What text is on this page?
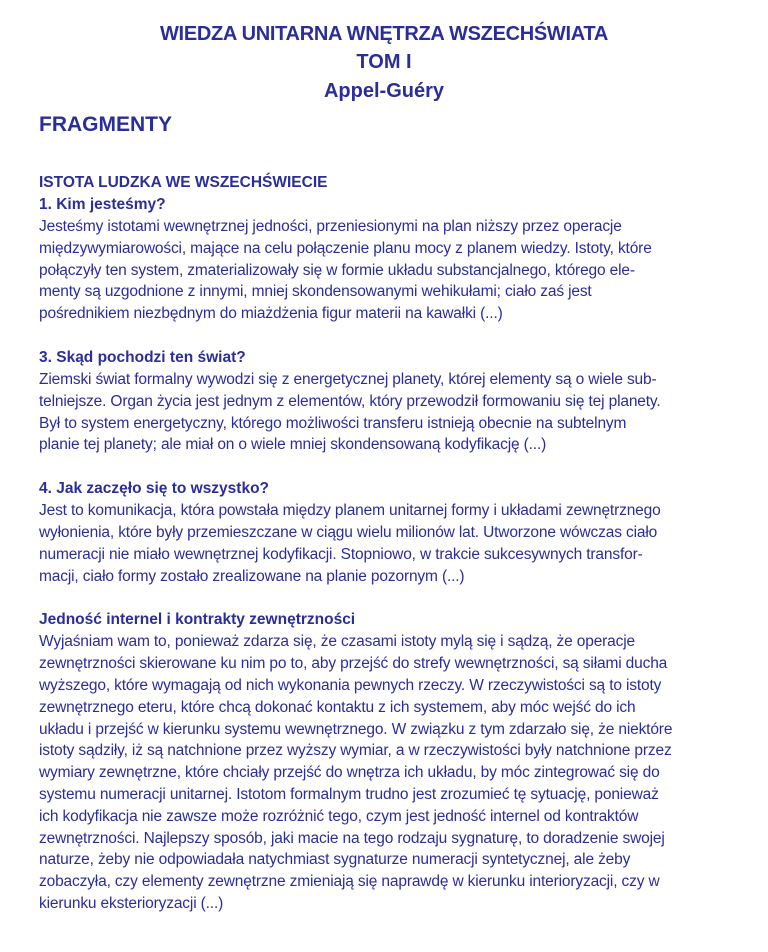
WIEDZA UNITARNA WNĘTRZA WSZECHŚWIATA
TOM I
Appel-Guéry
FRAGMENTY
ISTOTA LUDZKA WE WSZECHŚWIECIE
1. Kim jesteśmy?
Jesteśmy istotami wewnętrznej jedności, przeniesionymi na plan niższy przez operacje
międzywymiarowości, mające na celu połączenie planu mocy z planem wiedzy. Istoty, które
połączyły ten system, zmaterializowały się w formie układu substancjalnego, którego ele-
menty są uzgodnione z innymi, mniej skondensowanymi wehikułami; ciało zaś jest
pośrednikiem niezbędnym do miażdżenia figur materii na kawałki (...)
3. Skąd pochodzi ten świat?
Ziemski świat formalny wywodzi się z energetycznej planety, której elementy są o wiele sub-
telniejsze. Organ życia jest jednym z elementów, który przewodził formowaniu się tej planety.
Był to system energetyczny, którego możliwości transferu istnieją obecnie na subtelnym
planie tej planety; ale miał on o wiele mniej skondensowaną kodyfikację (...)
4. Jak zaczęło się to wszystko?
Jest to komunikacja, która powstała między planem unitarnej formy i układami zewnętrznego
wyłonienia, które były przemieszczane w ciągu wielu milionów lat. Utworzone wówczas ciało
numeracji nie miało wewnętrznej kodyfikacji. Stopniowo, w trakcie sukcesywnych transfor-
macji, ciało formy zostało zrealizowane na planie pozornym (...)
Jedność internel i kontrakty zewnętrzności
Wyjaśniam wam to, ponieważ zdarza się, że czasami istoty mylą się i sądzą, że operacje
zewnętrzności skierowane ku nim po to, aby przejść do strefy wewnętrzności, są siłami ducha
wyższego, które wymagają od nich wykonania pewnych rzeczy. W rzeczywistości są to istoty
zewnętrznego eteru, które chcą dokonać kontaktu z ich systemem, aby móc wejść do ich
układu i przejść w kierunku systemu wewnętrznego. W związku z tym zdarzało się, że niektóre
istoty sądziły, iż są natchnione przez wyższy wymiar, a w rzeczywistości były natchnione przez
wymiary zewnętrzne, które chciały przejść do wnętrza ich układu, by móc zintegrować się do
systemu numeracji unitarnej. Istotom formalnym trudno jest zrozumieć tę sytuację, ponieważ
ich kodyfikacja nie zawsze może rozróżnić tego, czym jest jedność internel od kontraktów
zewnętrzności. Najlepszy sposób, jaki macie na tego rodzaju sygnaturę, to doradzenie swojej
naturze, żeby nie odpowiadała natychmiast sygnaturze numeracji syntetycznej, ale żeby
zobaczyła, czy elementy zewnętrzne zmieniają się naprawdę w kierunku interioryzacji, czy w
kierunku eksterioryzacji (...)
